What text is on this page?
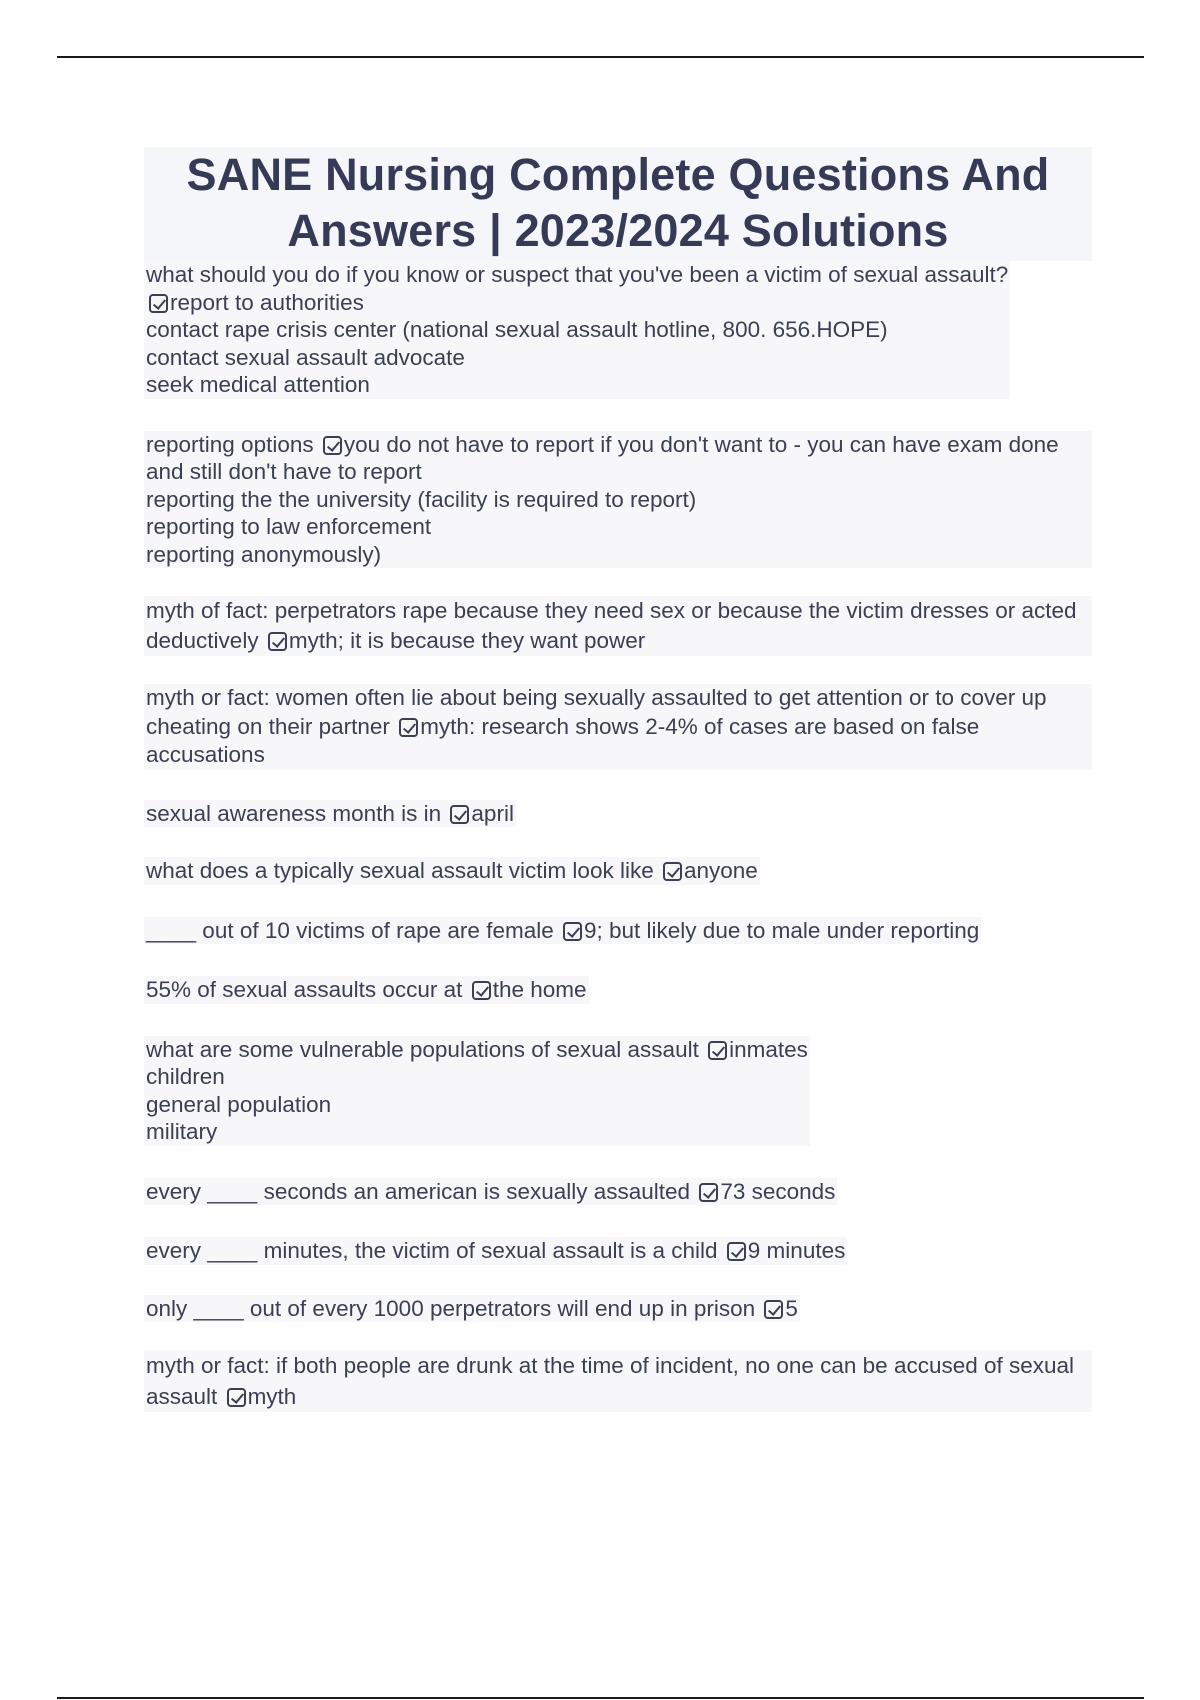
SANE Nursing Complete Questions And Answers | 2023/2024 Solutions
what should you do if you know or suspect that you've been a victim of sexual assault?
report to authorities
contact rape crisis center (national sexual assault hotline, 800. 656.HOPE)
contact sexual assault advocate
seek medical attention
reporting options you do not have to report if you don't want to - you can have exam done and still don't have to report
reporting the the university (facility is required to report)
reporting to law enforcement
reporting anonymously)
myth of fact: perpetrators rape because they need sex or because the victim dresses or acted deductively myth; it is because they want power
myth or fact: women often lie about being sexually assaulted to get attention or to cover up cheating on their partner myth: research shows 2-4% of cases are based on false accusations
sexual awareness month is in april
what does a typically sexual assault victim look like anyone
____ out of 10 victims of rape are female 9; but likely due to male under reporting
55% of sexual assaults occur at the home
what are some vulnerable populations of sexual assault inmates
children
general population
military
every ____ seconds an american is sexually assaulted 73 seconds
every ____ minutes, the victim of sexual assault is a child 9 minutes
only ____ out of every 1000 perpetrators will end up in prison 5
myth or fact: if both people are drunk at the time of incident, no one can be accused of sexual assault myth
